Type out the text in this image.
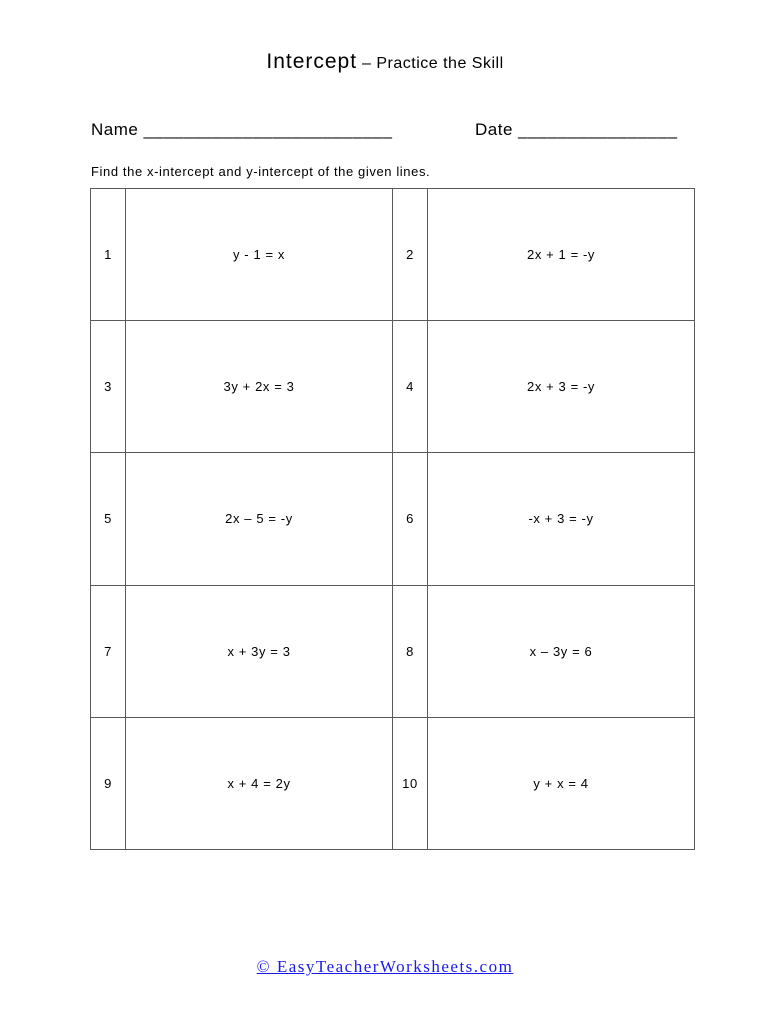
Intercept – Practice the Skill
Name _________________________	Date ________________
Find the x-intercept and y-intercept of the given lines.
1	y - 1 = x	2	2x + 1 = -y
3	3y + 2x = 3	4	2x + 3 = -y
5	2x – 5 = -y	6	-x + 3 = -y
7	x + 3y = 3	8	x – 3y = 6
9	x + 4 = 2y	10	y + x = 4
© EasyTeacherWorksheets.com
